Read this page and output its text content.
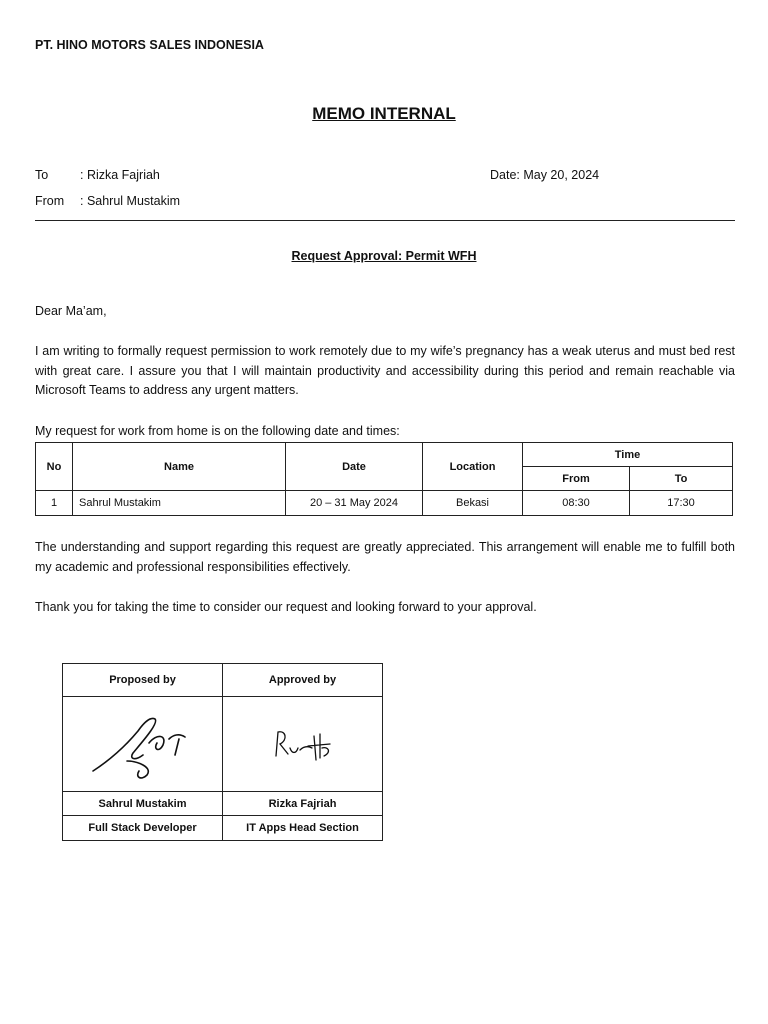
PT. HINO MOTORS SALES INDONESIA
MEMO INTERNAL
To	: Rizka Fajriah
From : Sahrul Mustakim
Date: May 20, 2024
Request Approval: Permit WFH
Dear Ma’am,
I am writing to formally request permission to work remotely due to my wife’s pregnancy has a weak uterus and must bed rest with great care. I assure you that I will maintain productivity and accessibility during this period and remain reachable via Microsoft Teams to address any urgent matters.
My request for work from home is on the following date and times:
No	Name	Date	Location	Time	
				From	To
1	Sahrul Mustakim	20 – 31 May 2024	Bekasi	08:30	17:30
The understanding and support regarding this request are greatly appreciated. This arrangement will enable me to fulfill both my academic and professional responsibilities effectively.
Thank you for taking the time to consider our request and looking forward to your approval.
Proposed by	Approved by

Sahrul Mustakim	Rizka Fajriah
Full Stack Developer	IT Apps Head Section
